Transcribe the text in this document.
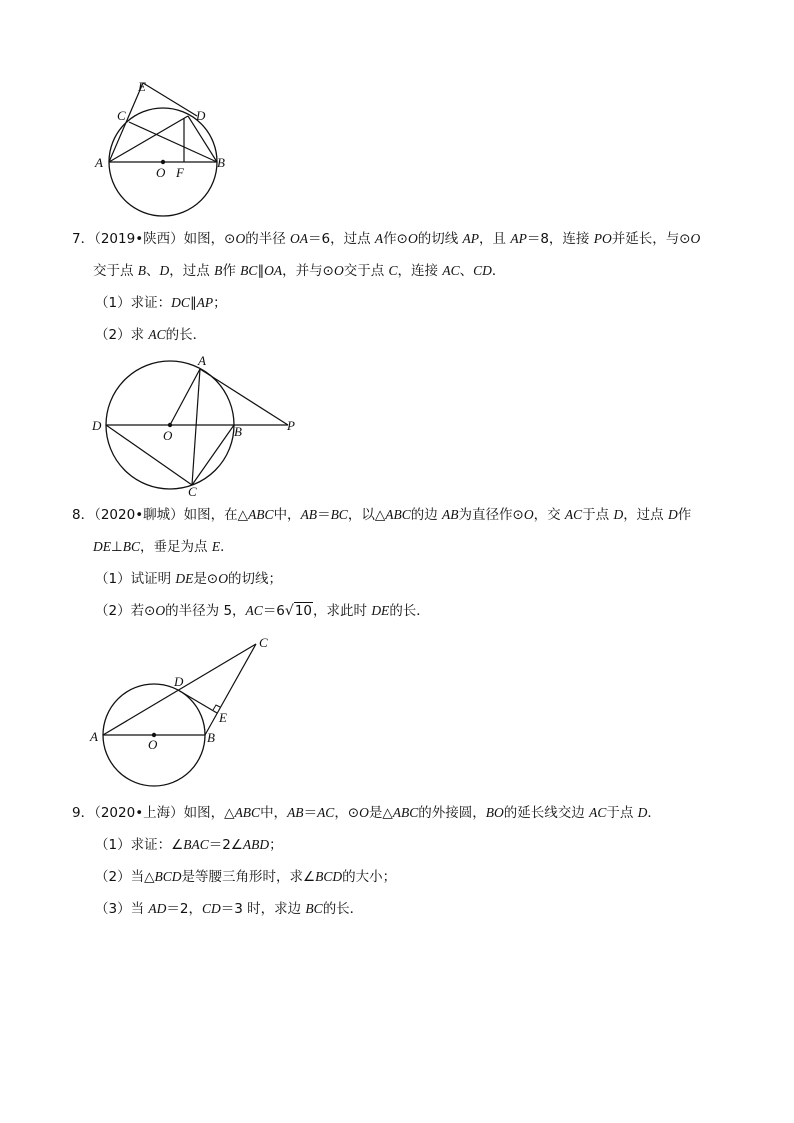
E
C	D
A	B
O F
7．（2019•陕西）如图，⊙O的半径 OA＝6，过点 A作⊙O的切线 AP，且 AP＝8，连接 PO并延长，与⊙O
交于点 B、D，过点 B作 BC∥OA，并与⊙O交于点 C，连接 AC、CD．
（1）求证：DC∥AP；
（2）求 AC的长．
A
D
O	B	P
C
8．（2020•聊城）如图，在△ABC中，AB＝BC，以△ABC的边 AB为直径作⊙O，交 AC于点 D，过点 D作
DE⊥BC，垂足为点 E．
（1）试证明 DE是⊙O的切线；
（2）若⊙O的半径为 5，AC＝6√10，求此时 DE的长．
C
D
E
A
O	B
9．（2020•上海）如图，△ABC中，AB＝AC，⊙O是△ABC的外接圆，BO的延长线交边 AC于点 D．
（1）求证：∠BAC＝2∠ABD；
（2）当△BCD是等腰三角形时，求∠BCD的大小；
（3）当 AD＝2，CD＝3 时，求边 BC的长．
